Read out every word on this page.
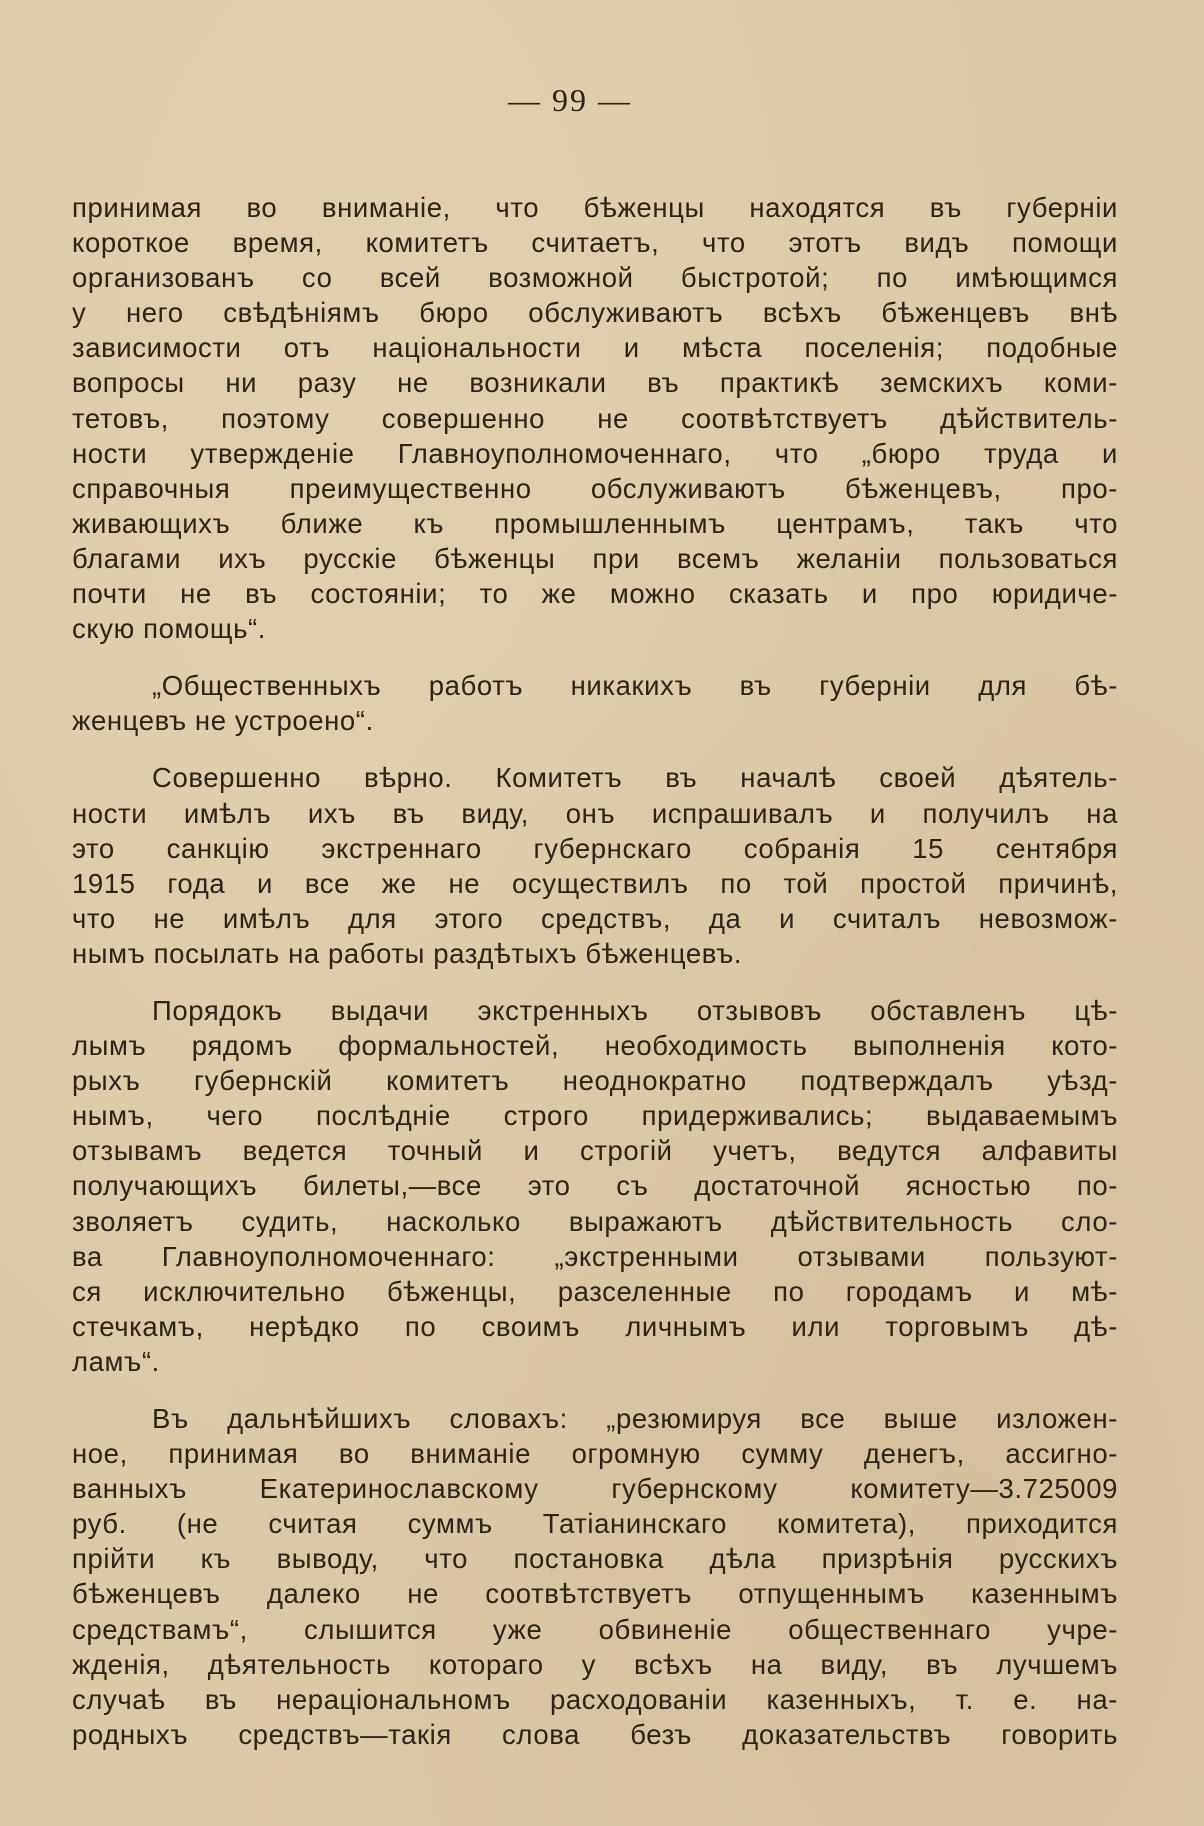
— 99 —
принимая во вниманіе, что бѣженцы находятся въ губерніи
короткое время, комитетъ считаетъ, что этотъ видъ помощи
организованъ со всей возможной быстротой; по имѣющимся
у него свѣдѣніямъ бюро обслуживаютъ всѣхъ бѣженцевъ внѣ
зависимости отъ національности и мѣста поселенія; подобные
вопросы ни разу не возникали въ практикѣ земскихъ коми-
тетовъ, поэтому совершенно не соотвѣтствуетъ дѣйствитель-
ности утвержденіе Главноуполномоченнаго, что „бюро труда и
справочныя преимущественно обслуживаютъ бѣженцевъ, про-
живающихъ ближе къ промышленнымъ центрамъ, такъ что
благами ихъ русскіе бѣженцы при всемъ желаніи пользоваться
почти не въ состояніи; то же можно сказать и про юридиче-
скую помощь“.
„Общественныхъ работъ никакихъ въ губерніи для бѣ-
женцевъ не устроено“.
Совершенно вѣрно. Комитетъ въ началѣ своей дѣятель-
ности имѣлъ ихъ въ виду, онъ испрашивалъ и получилъ на
это санкцію экстреннаго губернскаго собранія 15 сентября
1915 года и все же не осуществилъ по той простой причинѣ,
что не имѣлъ для этого средствъ, да и считалъ невозмож-
нымъ посылать на работы раздѣтыхъ бѣженцевъ.
Порядокъ выдачи экстренныхъ отзывовъ обставленъ цѣ-
лымъ рядомъ формальностей, необходимость выполненія кото-
рыхъ губернскій комитетъ неоднократно подтверждалъ уѣзд-
нымъ, чего послѣдніе строго придерживались; выдаваемымъ
отзывамъ ведется точный и строгій учетъ, ведутся алфавиты
получающихъ билеты,—все это съ достаточной ясностью по-
зволяетъ судить, насколько выражаютъ дѣйствительность сло-
ва Главноуполномоченнаго: „экстренными отзывами пользуют-
ся исключительно бѣженцы, разселенные по городамъ и мѣ-
стечкамъ, нерѣдко по своимъ личнымъ или торговымъ дѣ-
ламъ“.
Въ дальнѣйшихъ словахъ: „резюмируя все выше изложен-
ное, принимая во вниманіе огромную сумму денегъ, ассигно-
ванныхъ Екатеринославскому губернскому комитету—3.725009
руб. (не считая суммъ Татіанинскаго комитета), приходится
прійти къ выводу, что постановка дѣла призрѣнія русскихъ
бѣженцевъ далеко не соотвѣтствуетъ отпущеннымъ казеннымъ
средствамъ“, слышится уже обвиненіе общественнаго учре-
жденія, дѣятельность котораго у всѣхъ на виду, въ лучшемъ
случаѣ въ нераціональномъ расходованіи казенныхъ, т. е. на-
родныхъ средствъ—такія слова безъ доказательствъ говорить
